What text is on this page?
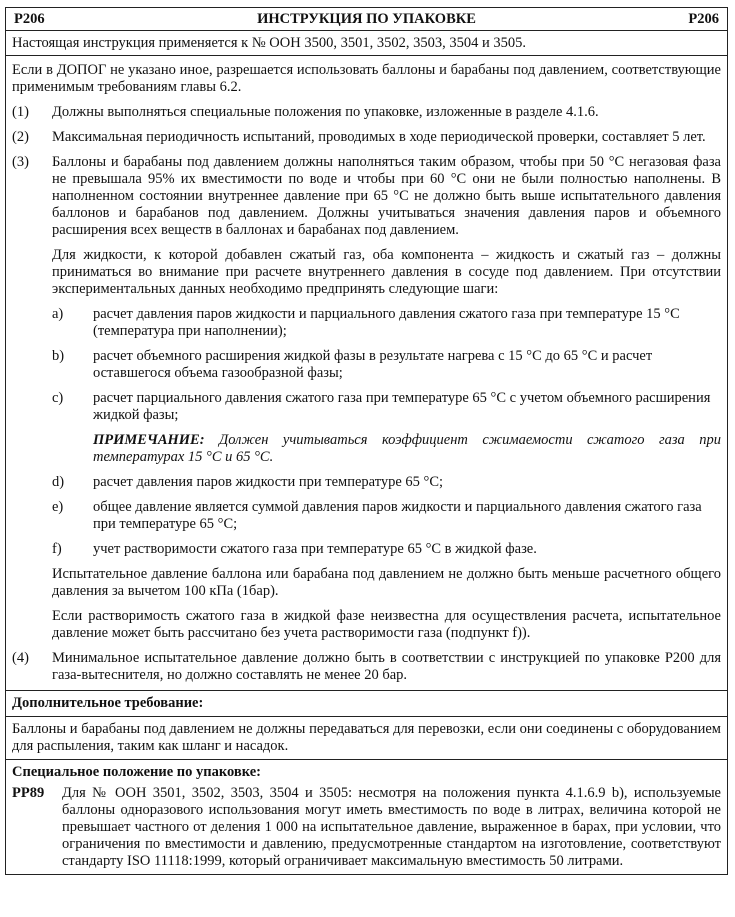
P206	ИНСТРУКЦИЯ ПО УПАКОВКЕ	P206

Настоящая инструкция применяется к № ООН 3500, 3501, 3502, 3503, 3504 и 3505.

Если в ДОПОГ не указано иное, разрешается использовать баллоны и барабаны под давлением, соответствующие применимым требованиям главы 6.2.

(1)	Должны выполняться специальные положения по упаковке, изложенные в разделе 4.1.6.

(2)	Максимальная периодичность испытаний, проводимых в ходе периодической проверки, составляет 5 лет.

(3)	Баллоны и барабаны под давлением должны наполняться таким образом, чтобы при 50 °C негазовая фаза не превышала 95% их вместимости по воде и чтобы при 60 °C они не были полностью наполнены. В наполненном состоянии внутреннее давление при 65 °C не должно быть выше испытательного давления баллонов и барабанов под давлением. Должны учитываться значения давления паров и объемного расширения всех веществ в баллонах и барабанах под давлением.

Для жидкости, к которой добавлен сжатый газ, оба компонента – жидкость и сжатый газ – должны приниматься во внимание при расчете внутреннего давления в сосуде под давлением. При отсутствии экспериментальных данных необходимо предпринять следующие шаги:

a)	расчет давления паров жидкости и парциального давления сжатого газа при температуре 15 °C (температура при наполнении);
b)	расчет объемного расширения жидкой фазы в результате нагрева с 15 °C до 65 °C и расчет оставшегося объема газообразной фазы;
c)	расчет парциального давления сжатого газа при температуре 65 °C с учетом объемного расширения жидкой фазы;
ПРИМЕЧАНИЕ: Должен учитываться коэффициент сжимаемости сжатого газа при температурах 15 °C и 65 °C.
d)	расчет давления паров жидкости при температуре 65 °C;
e)	общее давление является суммой давления паров жидкости и парциального давления сжатого газа при температуре 65 °C;
f)	учет растворимости сжатого газа при температуре 65 °C в жидкой фазе.

Испытательное давление баллона или барабана под давлением не должно быть меньше расчетного общего давления за вычетом 100 кПа (1бар).

Если растворимость сжатого газа в жидкой фазе неизвестна для осуществления расчета, испытательное давление может быть рассчитано без учета растворимости газа (подпункт f)).

(4)	Минимальное испытательное давление должно быть в соответствии с инструкцией по упаковке P200 для газа-вытеснителя, но должно составлять не менее 20 бар.

Дополнительное требование:

Баллоны и барабаны под давлением не должны передаваться для перевозки, если они соединены с оборудованием для распыления, таким как шланг и насадок.

Специальное положение по упаковке:
PP89	Для № ООН 3501, 3502, 3503, 3504 и 3505: несмотря на положения пункта 4.1.6.9 b), используемые баллоны одноразового использования могут иметь вместимость по воде в литрах, величина которой не превышает частного от деления 1 000 на испытательное давление, выраженное в барах, при условии, что ограничения по вместимости и давлению, предусмотренные стандартом на изготовление, соответствуют стандарту ISO 11118:1999, который ограничивает максимальную вместимость 50 литрами.
